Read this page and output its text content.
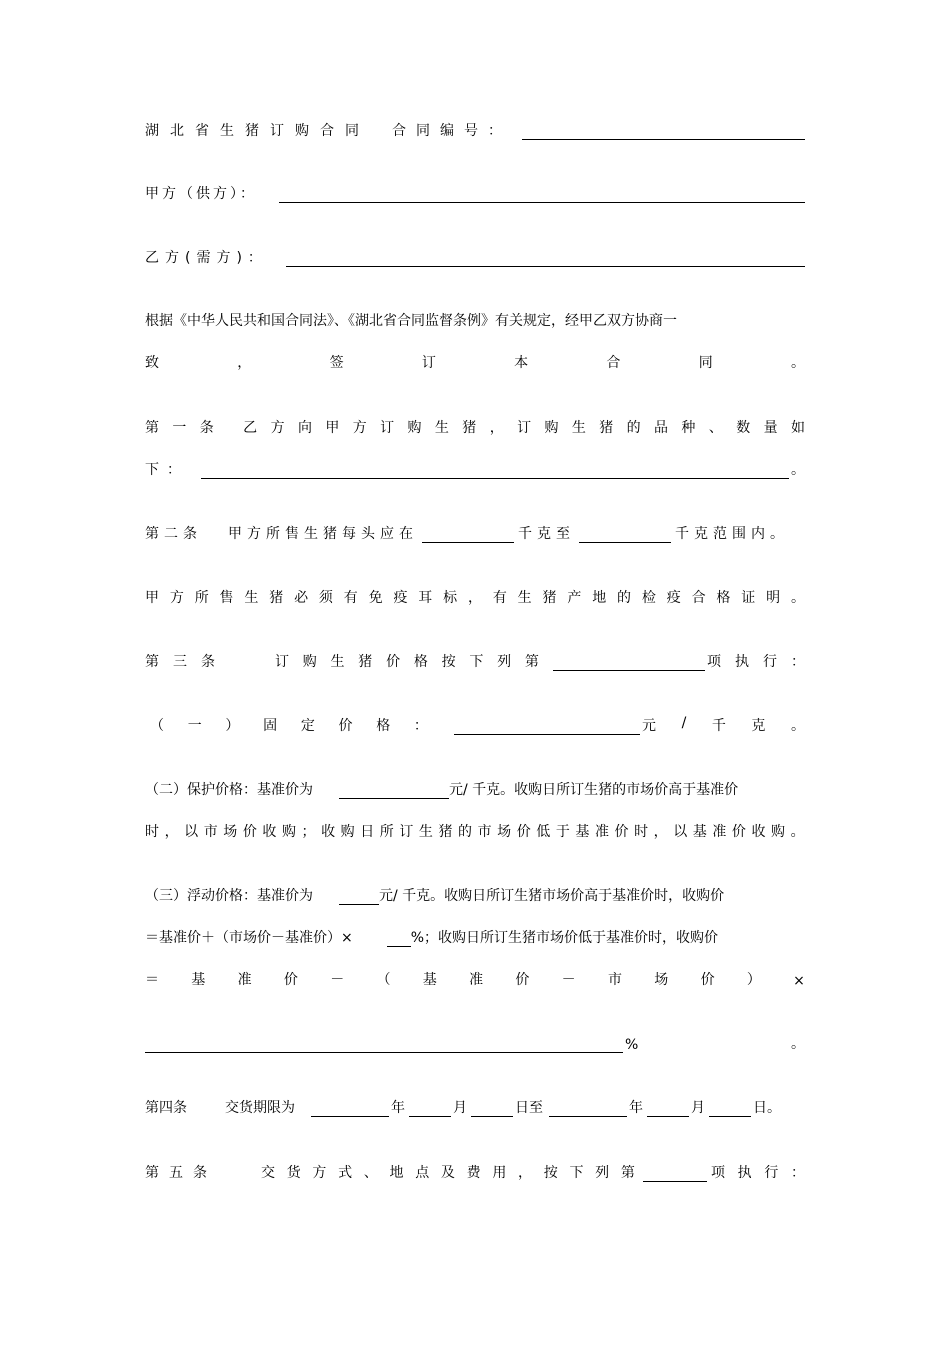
湖北省生猪订购合同 合同编号：
甲方（供方）：
乙方(需方)：
根据《中华人民共和国合同法》、《湖北省合同监督条例》有关规定，经甲乙双方协商一
致	，	签	订	本	合	同	。
第 一 条 乙 方 向 甲 方 订 购 生 猪 ， 订 购 生 猪 的 品 种 、 数 量 如
下：	。
第二条 甲方所售生猪每头应在	千克至	千克范围内。
甲 方 所 售 生 猪 必 须 有 免 疫 耳 标 ， 有 生 猪 产 地 的 检 疫 合 格 证 明 。
第 三 条	订 购 生 猪 价 格 按 下 列 第	项 执 行 ：
（ 一 ） 固 定 价 格 ：	元 / 千 克 。
（二）保护价格：基准价为	元/ 千克。收购日所订生猪的市场价高于基准价
时 ， 以 市 场 价 收 购 ； 收 购 日 所 订 生 猪 的 市 场 价 低 于 基 准 价 时 ， 以 基 准 价 收 购 。
（三）浮动价格：基准价为	元/ 千克。收购日所订生猪市场价高于基准价时，收购价
＝基准价＋（市场价－基准价）×	%；收购日所订生猪市场价低于基准价时，收购价
＝ 基 准 价 － （ 基 准 价 － 市 场 价 ） ×
%	。
第四条	交货期限为	年	月	日至	年	月	日。
第 五 条	交 货 方 式 、 地 点 及 费 用 ， 按 下 列 第	项 执 行 ：
